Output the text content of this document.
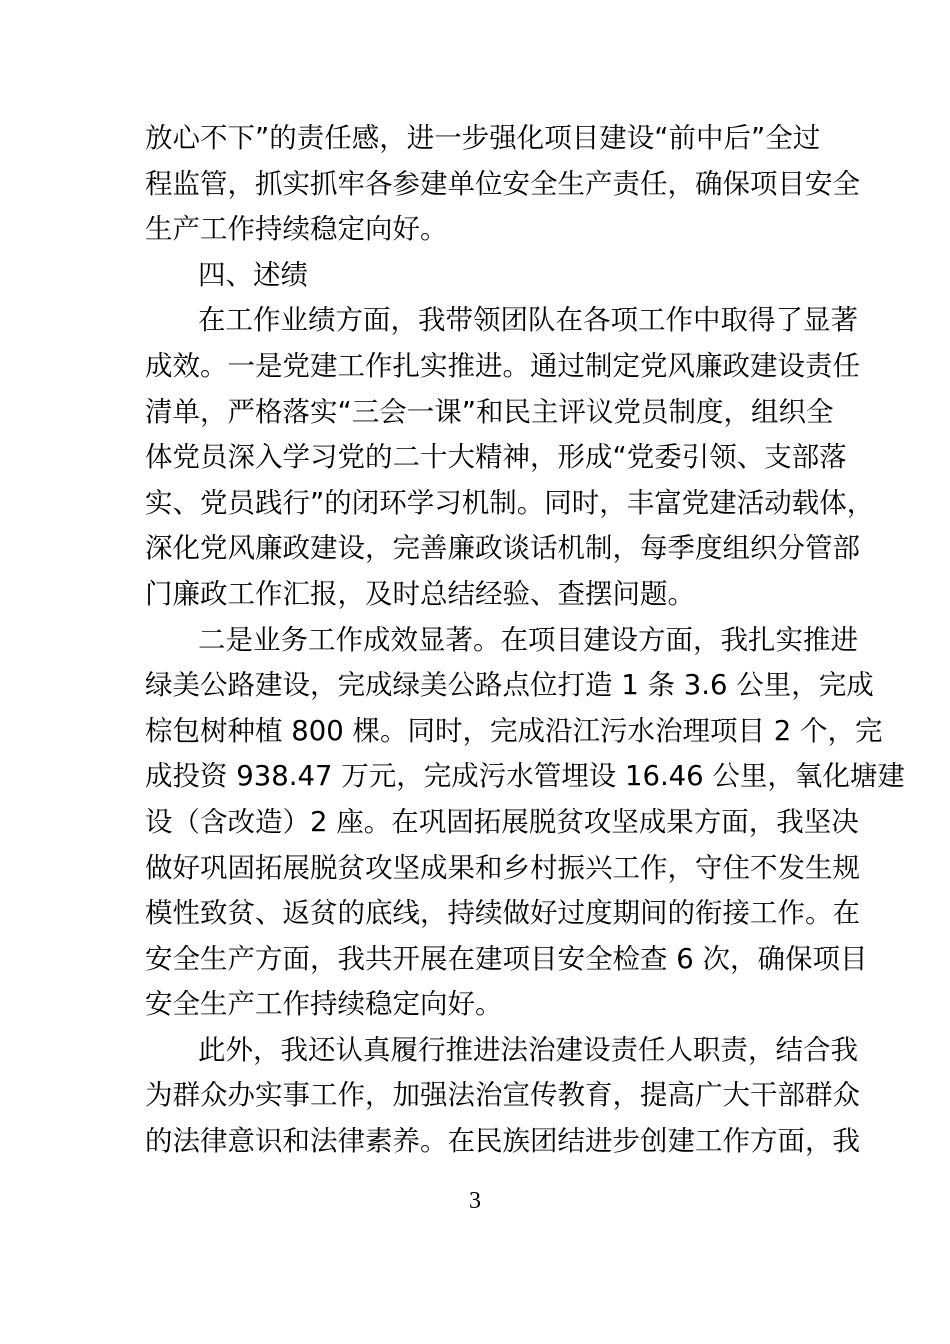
放心不下”的责任感，进一步强化项目建设“前中后”全过
程监管，抓实抓牢各参建单位安全生产责任，确保项目安全
生产工作持续稳定向好。
四、述绩
在工作业绩方面，我带领团队在各项工作中取得了显著
成效。一是党建工作扎实推进。通过制定党风廉政建设责任
清单，严格落实“三会一课”和民主评议党员制度，组织全
体党员深入学习党的二十大精神，形成“党委引领、支部落
实、党员践行”的闭环学习机制。同时，丰富党建活动载体，
深化党风廉政建设，完善廉政谈话机制，每季度组织分管部
门廉政工作汇报，及时总结经验、查摆问题。
二是业务工作成效显著。在项目建设方面，我扎实推进
绿美公路建设，完成绿美公路点位打造 1 条 3.6 公里，完成
棕包树种植 800 棵。同时，完成沿江污水治理项目 2 个，完
成投资 938.47 万元，完成污水管埋设 16.46 公里，氧化塘建
设（含改造）2 座。在巩固拓展脱贫攻坚成果方面，我坚决
做好巩固拓展脱贫攻坚成果和乡村振兴工作，守住不发生规
模性致贫、返贫的底线，持续做好过度期间的衔接工作。在
安全生产方面，我共开展在建项目安全检查 6 次，确保项目
安全生产工作持续稳定向好。
此外，我还认真履行推进法治建设责任人职责，结合我
为群众办实事工作，加强法治宣传教育，提高广大干部群众
的法律意识和法律素养。在民族团结进步创建工作方面，我
3
